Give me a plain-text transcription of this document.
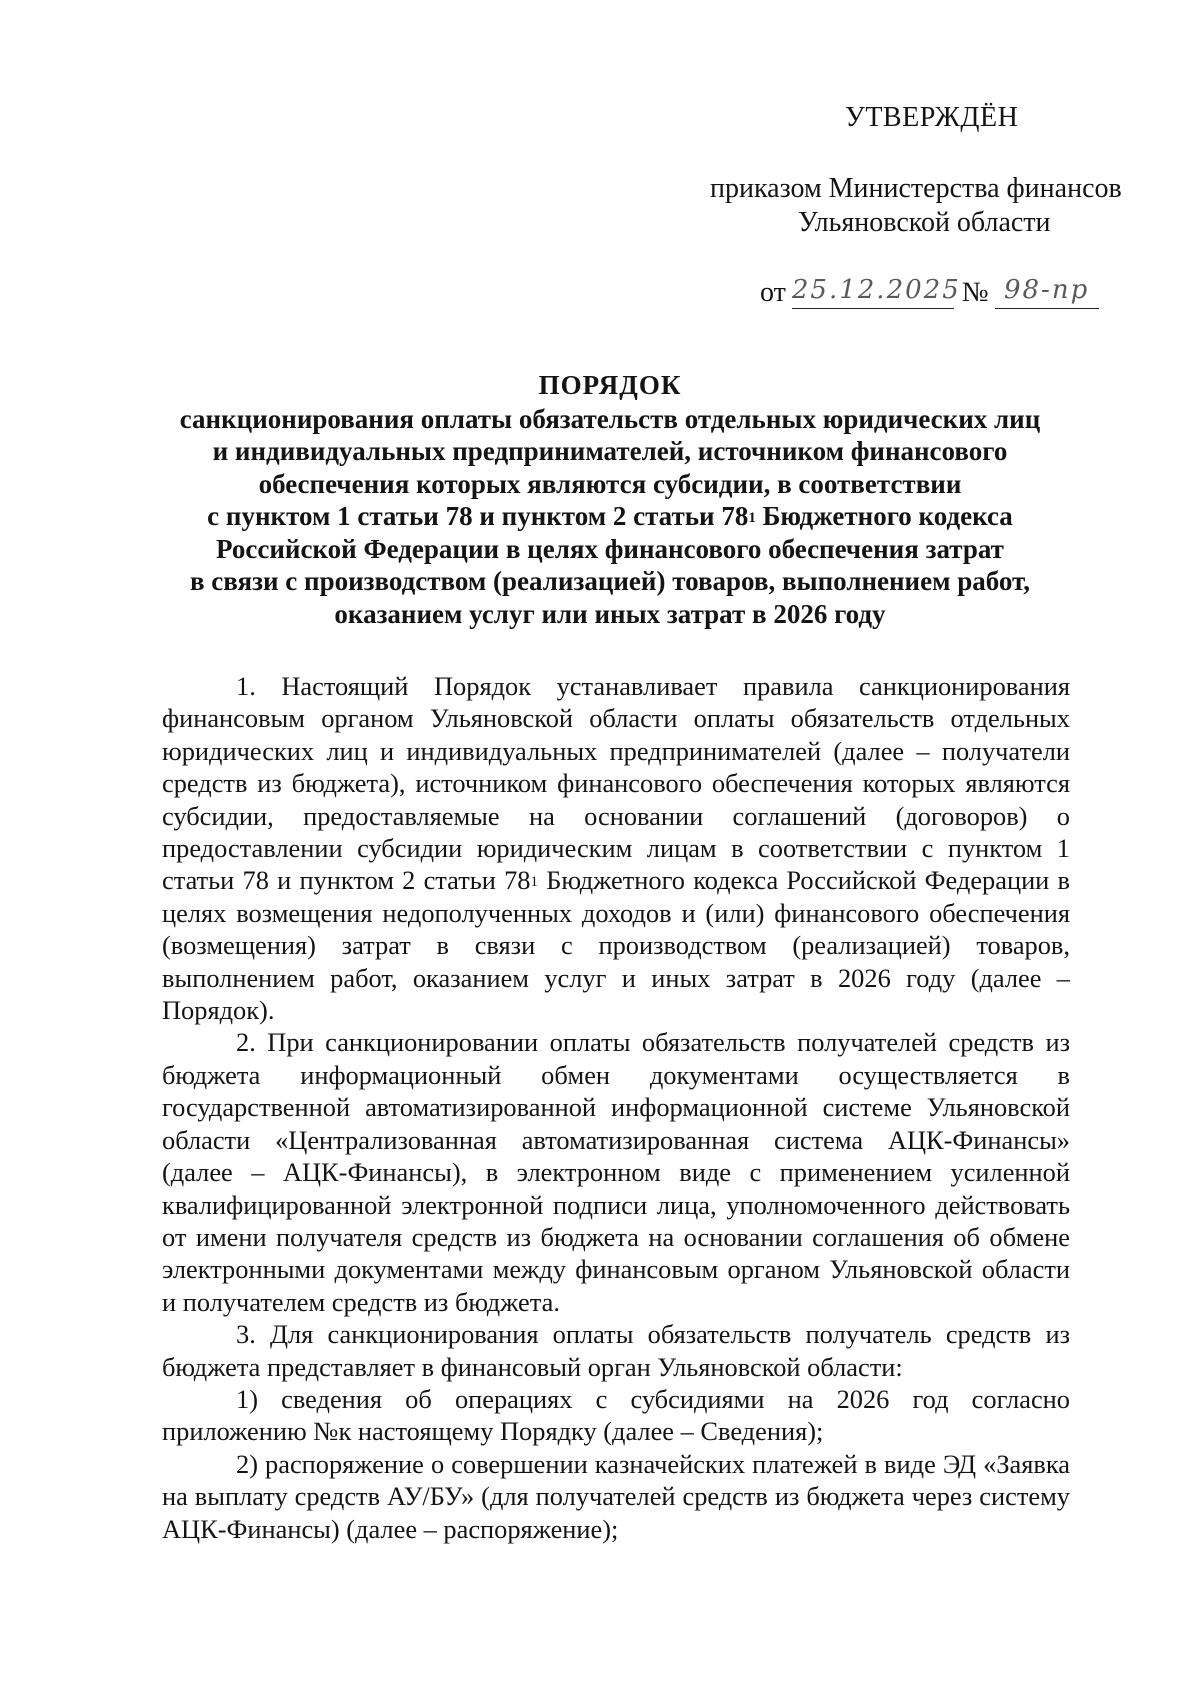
УТВЕРЖДЁН
приказом Министерства финансов
Ульяновской области
от 25.12.2025№ 98-пр
ПОРЯДОК
санкционирования оплаты обязательств отдельных юридических лиц
и индивидуальных предпринимателей, источником финансового
обеспечения которых являются субсидии, в соответствии
с пунктом 1 статьи 78 и пунктом 2 статьи $78^1$ Бюджетного кодекса
Российской Федерации в целях финансового обеспечения затрат
в связи с производством (реализацией) товаров, выполнением работ,
оказанием услуг или иных затрат в 2026 году

1. Настоящий Порядок устанавливает правила санкционирования финансовым органом Ульяновской области оплаты обязательств отдельных юридических лиц и индивидуальных предпринимателей (далее – получатели средств из бюджета), источником финансового обеспечения которых являются субсидии, предоставляемые на основании соглашений (договоров) о предоставлении субсидии юридическим лицам в соответствии с пунктом 1 статьи 78 и пунктом 2 статьи $78^1$ Бюджетного кодекса Российской Федерации в целях возмещения недополученных доходов и (или) финансового обеспечения (возмещения) затрат в связи с производством (реализацией) товаров, выполнением работ, оказанием услуг и иных затрат в 2026 году (далее – Порядок).

2. При санкционировании оплаты обязательств получателей средств из бюджета информационный обмен документами осуществляется в государственной автоматизированной информационной системе Ульяновской области «Централизованная автоматизированная система АЦК-Финансы» (далее – АЦК-Финансы), в электронном виде с применением усиленной квалифицированной электронной подписи лица, уполномоченного действовать от имени получателя средств из бюджета на основании соглашения об обмене электронными документами между финансовым органом Ульяновской области и получателем средств из бюджета.

3. Для санкционирования оплаты обязательств получатель средств из бюджета представляет в финансовый орган Ульяновской области:

1) сведения об операциях с субсидиями на 2026 год согласно приложению №к настоящему Порядку (далее – Сведения);

2) распоряжение о совершении казначейских платежей в виде ЭД «Заявка на выплату средств АУ/БУ» (для получателей средств из бюджета через систему АЦК-Финансы) (далее – распоряжение);
